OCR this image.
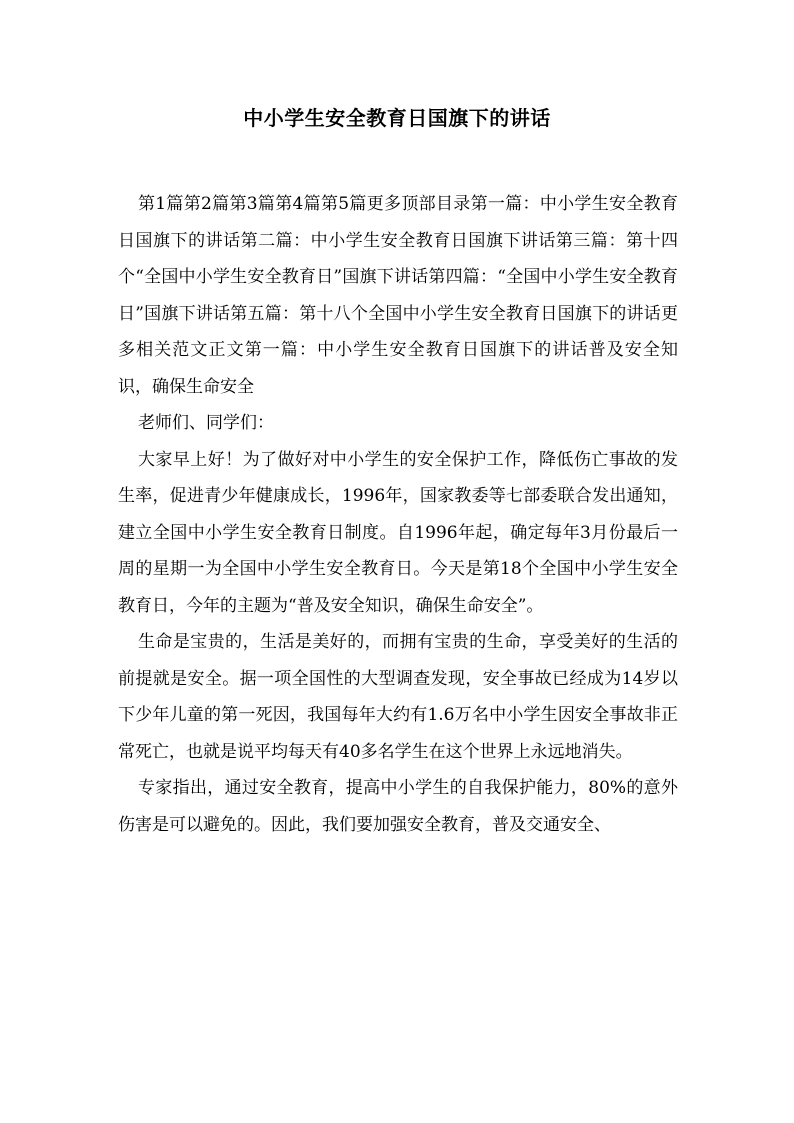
中小学生安全教育日国旗下的讲话

第1篇第2篇第3篇第4篇第5篇更多顶部目录第一篇：中小学生安全教育日国旗下的讲话第二篇：中小学生安全教育日国旗下讲话第三篇：第十四个“全国中小学生安全教育日”国旗下讲话第四篇：“全国中小学生安全教育日”国旗下讲话第五篇：第十八个全国中小学生安全教育日国旗下的讲话更多相关范文正文第一篇：中小学生安全教育日国旗下的讲话普及安全知识，确保生命安全

老师们、同学们：

大家早上好！为了做好对中小学生的安全保护工作，降低伤亡事故的发生率，促进青少年健康成长，1996年，国家教委等七部委联合发出通知，建立全国中小学生安全教育日制度。自1996年起，确定每年3月份最后一周的星期一为全国中小学生安全教育日。今天是第18个全国中小学生安全教育日，今年的主题为“普及安全知识，确保生命安全”。

生命是宝贵的，生活是美好的，而拥有宝贵的生命，享受美好的生活的前提就是安全。据一项全国性的大型调查发现，安全事故已经成为14岁以下少年儿童的第一死因，我国每年大约有1.6万名中小学生因安全事故非正常死亡，也就是说平均每天有40多名学生在这个世界上永远地消失。

专家指出，通过安全教育，提高中小学生的自我保护能力，80%的意外伤害是可以避免的。因此，我们要加强安全教育，普及交通安全、
